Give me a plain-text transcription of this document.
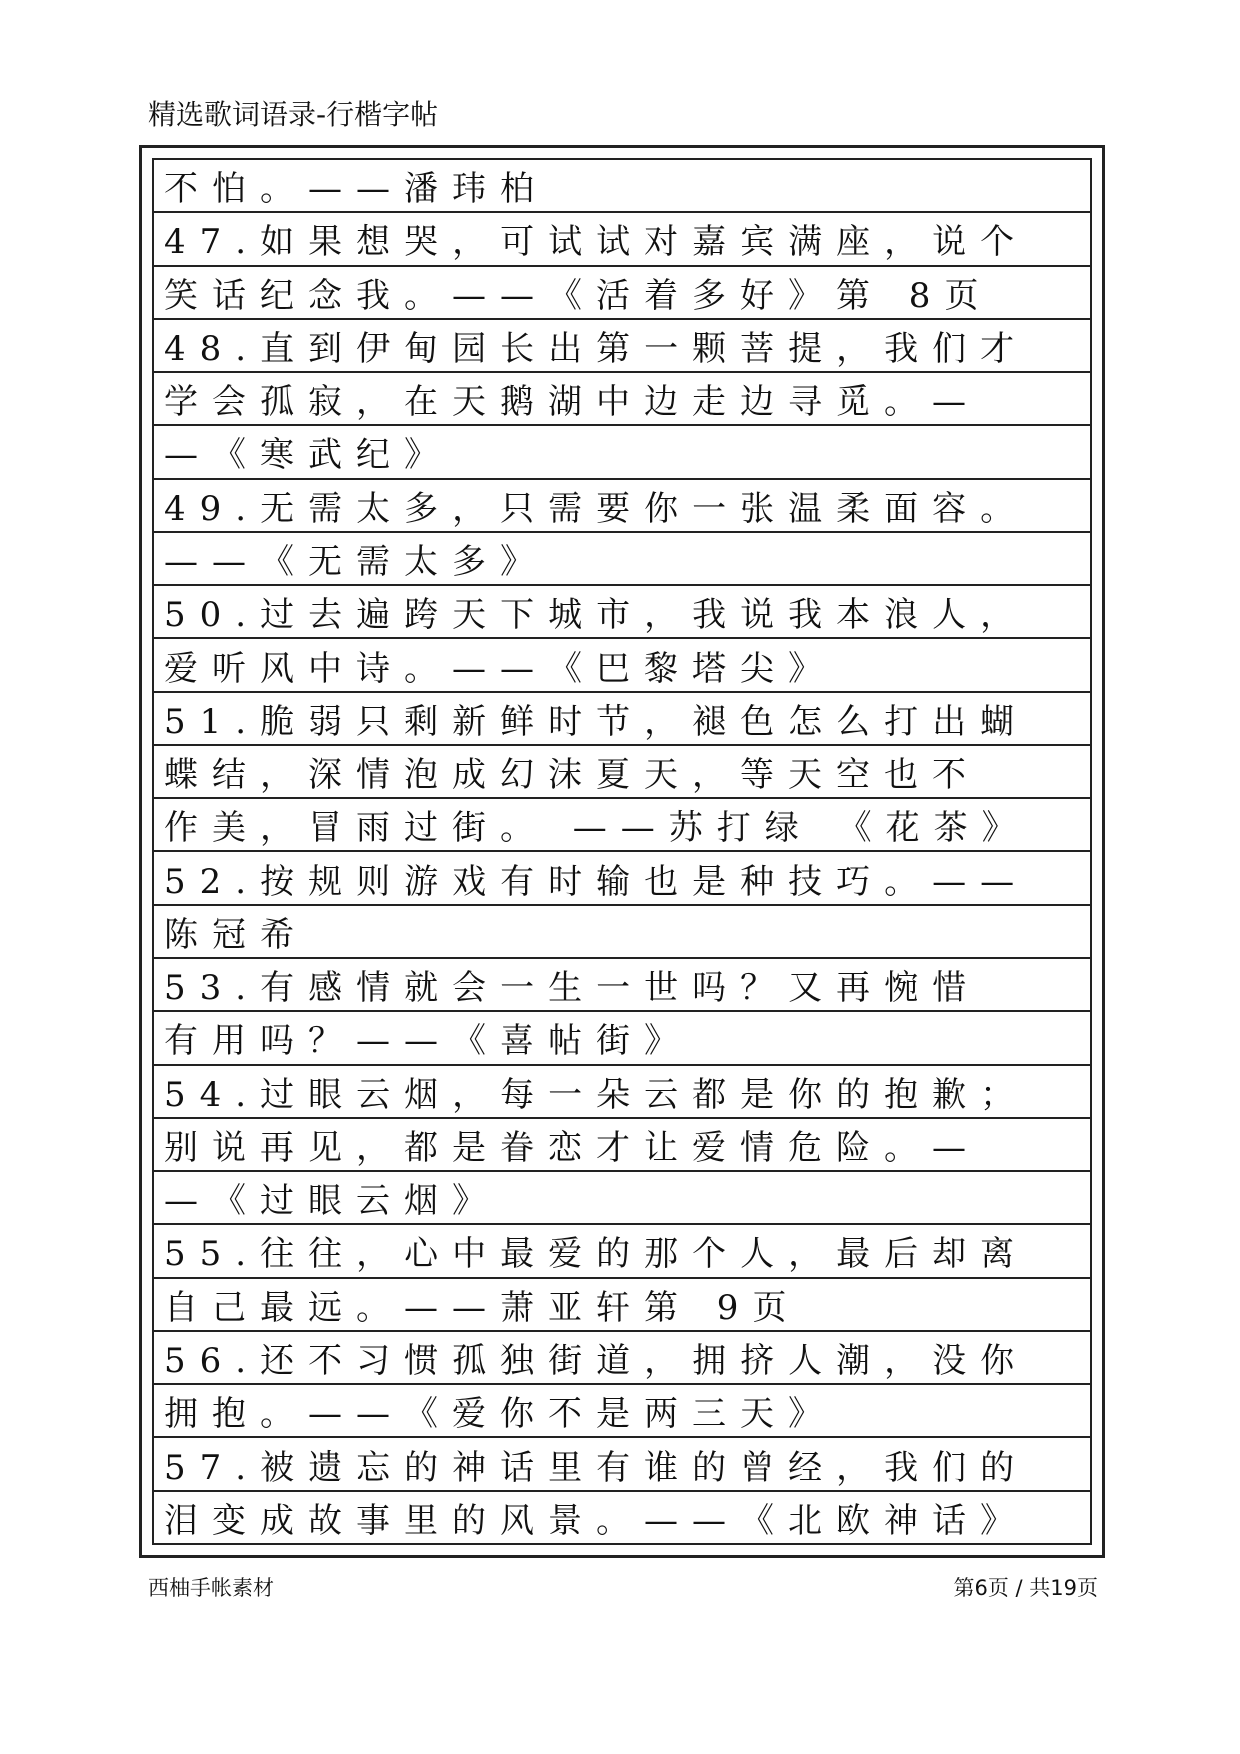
精选歌词语录-行楷字帖
不怕。——潘玮柏
47.如果想哭，可试试对嘉宾满座，说个
笑话纪念我。——《活着多好》第 8页
48.直到伊甸园长出第一颗菩提，我们才
学会孤寂，在天鹅湖中边走边寻觅。—
—《寒武纪》
49.无需太多，只需要你一张温柔面容。
——《无需太多》
50.过去遍跨天下城市，我说我本浪人，
爱听风中诗。——《巴黎塔尖》
51.脆弱只剩新鲜时节，褪色怎么打出蝴
蝶结，深情泡成幻沫夏天，等天空也不
作美，冒雨过街。 ——苏打绿 《花茶》
52.按规则游戏有时输也是种技巧。——
陈冠希
53.有感情就会一生一世吗？又再惋惜
有用吗？——《喜帖街》
54.过眼云烟，每一朵云都是你的抱歉；
别说再见，都是眷恋才让爱情危险。—
—《过眼云烟》
55.往往，心中最爱的那个人，最后却离
自己最远。——萧亚轩第 9页
56.还不习惯孤独街道，拥挤人潮，没你
拥抱。——《爱你不是两三天》
57.被遗忘的神话里有谁的曾经，我们的
泪变成故事里的风景。——《北欧神话》
西柚手帐素材	第6页 / 共19页
